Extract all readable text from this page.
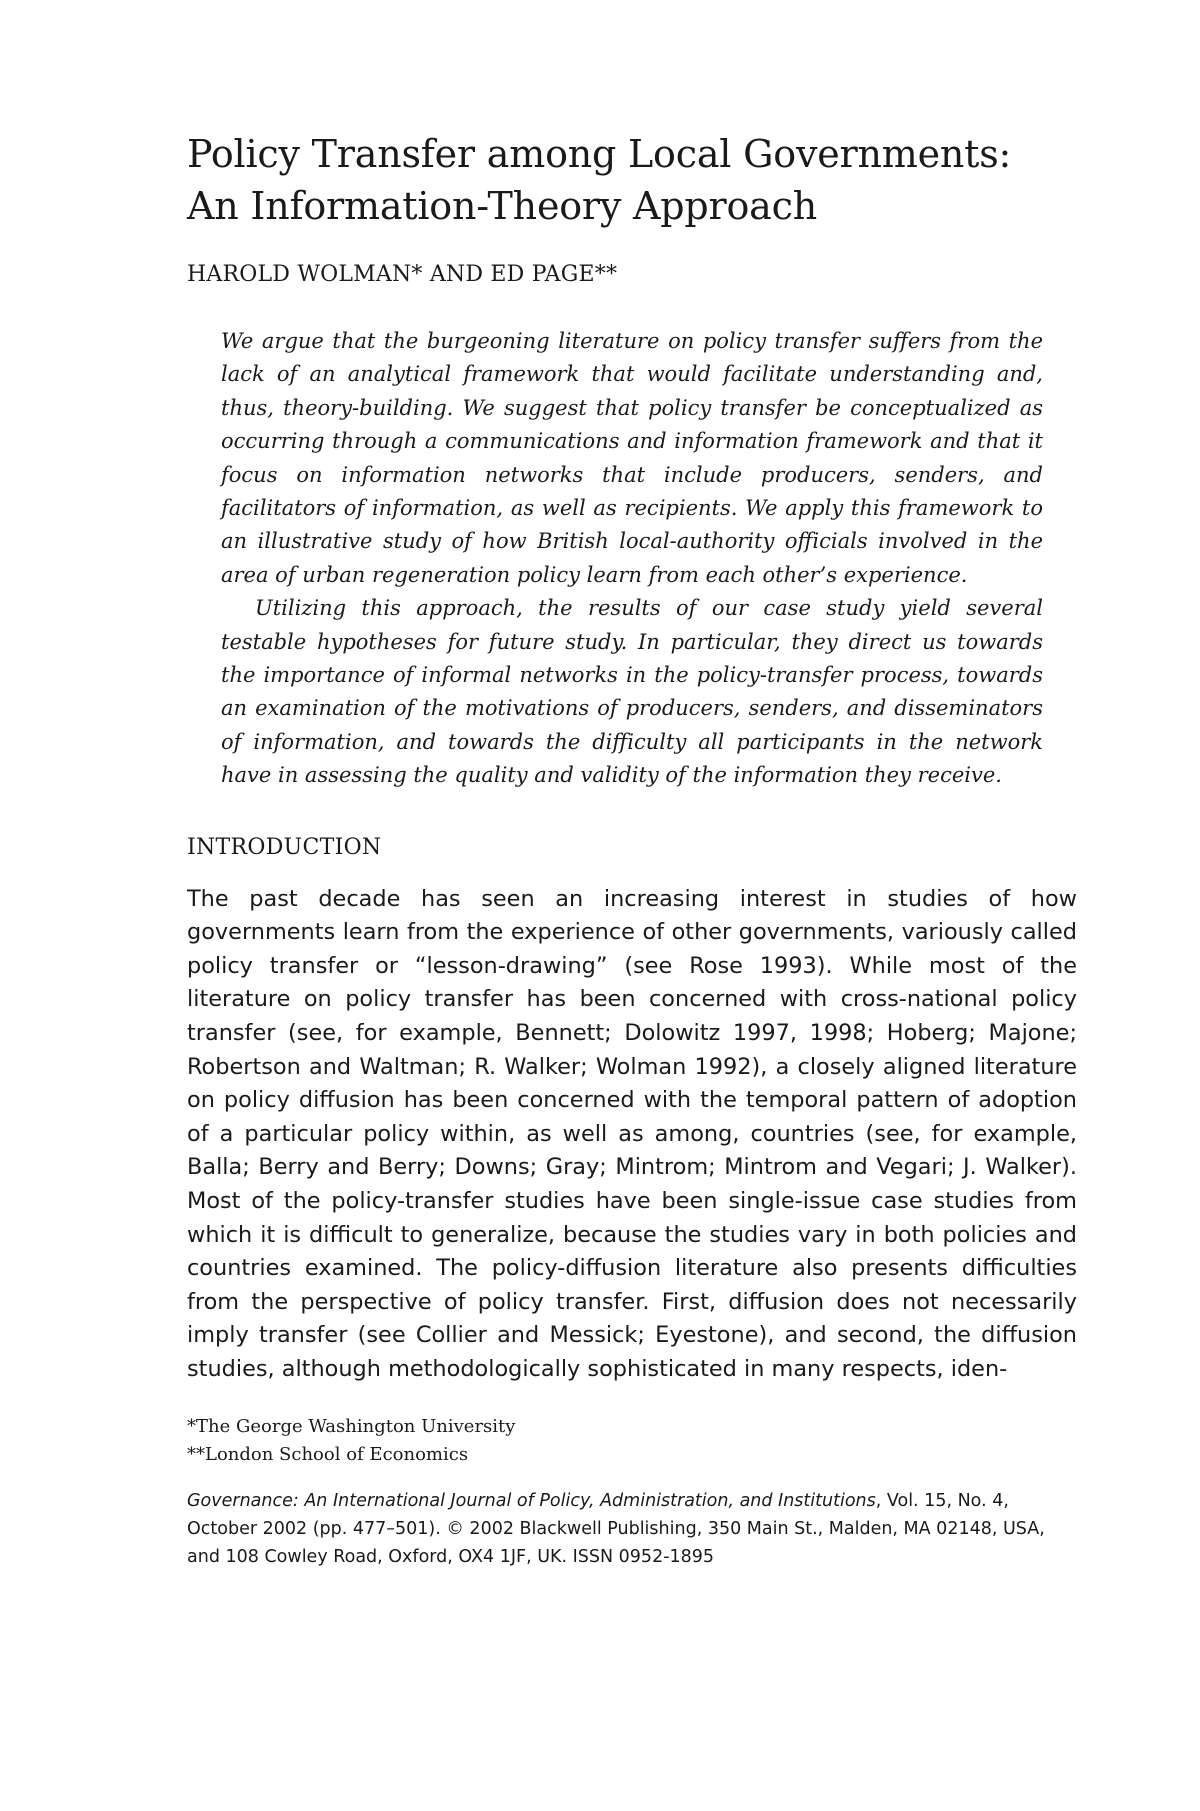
Policy Transfer among Local Governments:
An Information-Theory Approach
HAROLD WOLMAN* AND ED PAGE**

We argue that the burgeoning literature on policy transfer suffers from the lack of an analytical framework that would facilitate understanding and, thus, theory-building. We suggest that policy transfer be conceptualized as occurring through a communications and information framework and that it focus on information networks that include producers, senders, and facilitators of information, as well as recipients. We apply this framework to an illustrative study of how British local-authority officials involved in the area of urban regeneration policy learn from each other’s experience.

Utilizing this approach, the results of our case study yield several testable hypotheses for future study. In particular, they direct us towards the importance of informal networks in the policy-transfer process, towards an examination of the motivations of producers, senders, and disseminators of information, and towards the difficulty all participants in the network have in assessing the quality and validity of the information they receive.

INTRODUCTION

The past decade has seen an increasing interest in studies of how governments learn from the experience of other governments, variously called policy transfer or “lesson-drawing” (see Rose 1993). While most of the literature on policy transfer has been concerned with cross-national policy transfer (see, for example, Bennett; Dolowitz 1997, 1998; Hoberg; Majone; Robertson and Waltman; R. Walker; Wolman 1992), a closely aligned literature on policy diffusion has been concerned with the temporal pattern of adoption of a particular policy within, as well as among, countries (see, for example, Balla; Berry and Berry; Downs; Gray; Mintrom; Mintrom and Vegari; J. Walker). Most of the policy-transfer studies have been single-issue case studies from which it is difficult to generalize, because the studies vary in both policies and countries examined. The policy-diffusion literature also presents difficulties from the perspective of policy transfer. First, diffusion does not necessarily imply transfer (see Collier and Messick; Eyestone), and second, the diffusion studies, although methodologically sophisticated in many respects, iden-

*The George Washington University
**London School of Economics
Governance: An International Journal of Policy, Administration, and Institutions, Vol. 15, No. 4, October 2002 (pp. 477–501). © 2002 Blackwell Publishing, 350 Main St., Malden, MA 02148, USA, and 108 Cowley Road, Oxford, OX4 1JF, UK. ISSN 0952-1895
